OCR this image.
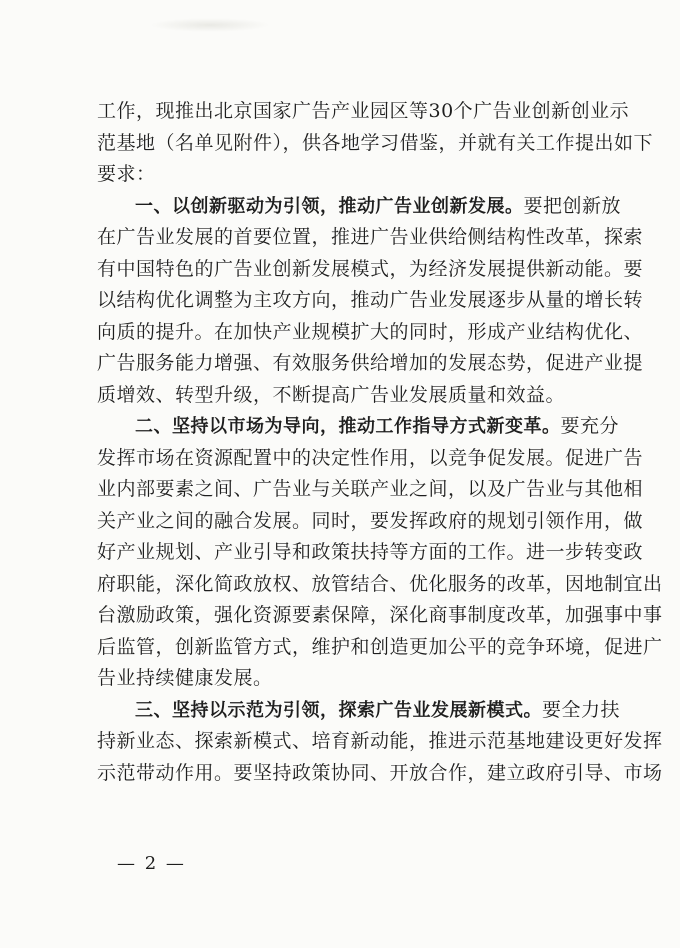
工作，现推出北京国家广告产业园区等30个广告业创新创业示
范基地（名单见附件），供各地学习借鉴，并就有关工作提出如下
要求：
一、以创新驱动为引领，推动广告业创新发展。要把创新放
在广告业发展的首要位置，推进广告业供给侧结构性改革，探索
有中国特色的广告业创新发展模式，为经济发展提供新动能。要
以结构优化调整为主攻方向，推动广告业发展逐步从量的增长转
向质的提升。在加快产业规模扩大的同时，形成产业结构优化、
广告服务能力增强、有效服务供给增加的发展态势，促进产业提
质增效、转型升级，不断提高广告业发展质量和效益。
二、坚持以市场为导向，推动工作指导方式新变革。要充分
发挥市场在资源配置中的决定性作用，以竞争促发展。促进广告
业内部要素之间、广告业与关联产业之间，以及广告业与其他相
关产业之间的融合发展。同时，要发挥政府的规划引领作用，做
好产业规划、产业引导和政策扶持等方面的工作。进一步转变政
府职能，深化简政放权、放管结合、优化服务的改革，因地制宜出
台激励政策，强化资源要素保障，深化商事制度改革，加强事中事
后监管，创新监管方式，维护和创造更加公平的竞争环境，促进广
告业持续健康发展。
三、坚持以示范为引领，探索广告业发展新模式。要全力扶
持新业态、探索新模式、培育新动能，推进示范基地建设更好发挥
示范带动作用。要坚持政策协同、开放合作，建立政府引导、市场
— 2 —
